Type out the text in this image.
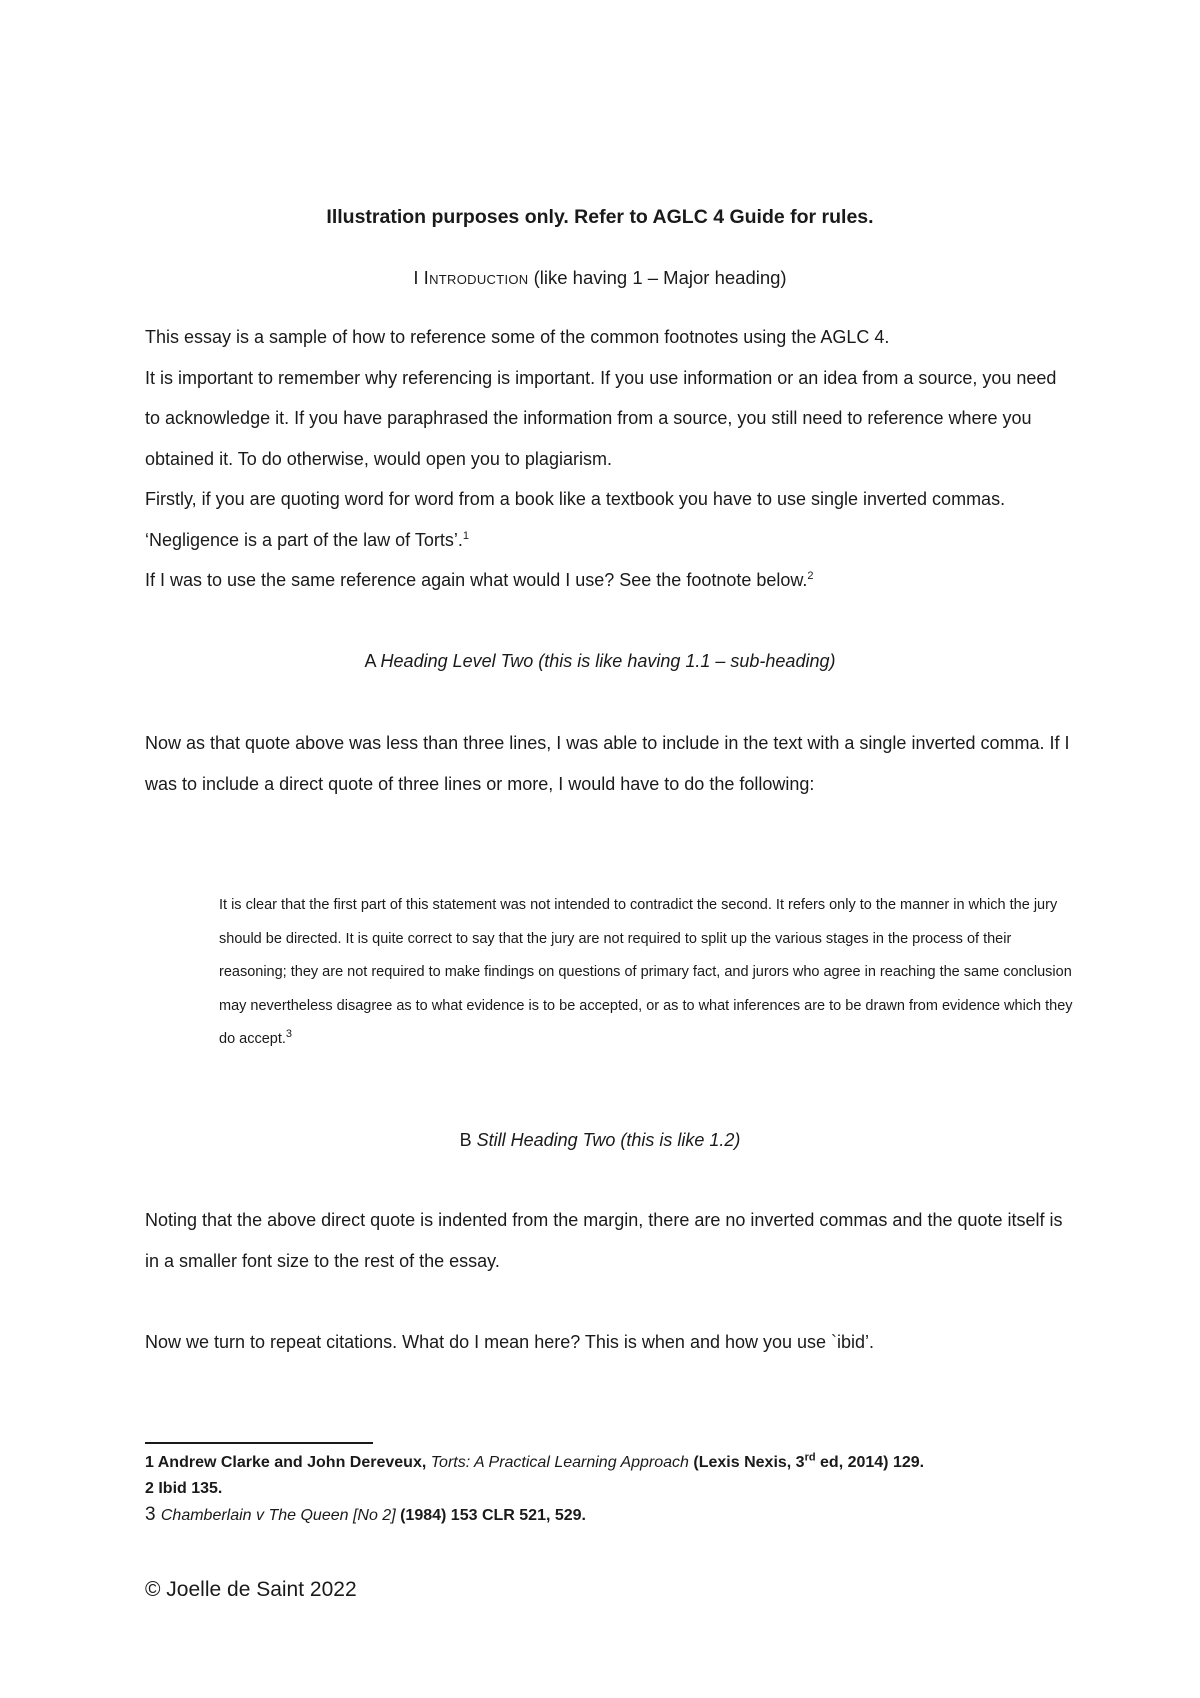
Illustration purposes only. Refer to AGLC 4 Guide for rules.
I Introduction (like having 1 – Major heading)

This essay is a sample of how to reference some of the common footnotes using the AGLC 4.

It is important to remember why referencing is important. If you use information or an idea from a source, you need to acknowledge it. If you have paraphrased the information from a source, you still need to reference where you obtained it. To do otherwise, would open you to plagiarism.

Firstly, if you are quoting word for word from a book like a textbook you have to use single inverted commas. ‘Negligence is a part of the law of Torts’.$^1$

If I was to use the same reference again what would I use? See the footnote below.$^2$

A Heading Level Two (this is like having 1.1 – sub-heading)
Now as that quote above was less than three lines, I was able to include in the text with a single inverted comma. If I was to include a direct quote of three lines or more, I would have to do the following:
It is clear that the first part of this statement was not intended to contradict the second. It refers only to the manner in which the jury should be directed. It is quite correct to say that the jury are not required to split up the various stages in the process of their reasoning; they are not required to make findings on questions of primary fact, and jurors who agree in reaching the same conclusion may nevertheless disagree as to what evidence is to be accepted, or as to what inferences are to be drawn from evidence which they do accept.$^3$
B Still Heading Two (this is like 1.2)
Noting that the above direct quote is indented from the margin, there are no inverted commas and the quote itself is in a smaller font size to the rest of the essay.
Now we turn to repeat citations. What do I mean here? This is when and how you use `ibid’.
1 Andrew Clarke and John Dereveux, Torts: A Practical Learning Approach (Lexis Nexis, 3rd ed, 2014) 129.
2 Ibid 135.
3 Chamberlain v The Queen [No 2] (1984) 153 CLR 521, 529.
© Joelle de Saint 2022
